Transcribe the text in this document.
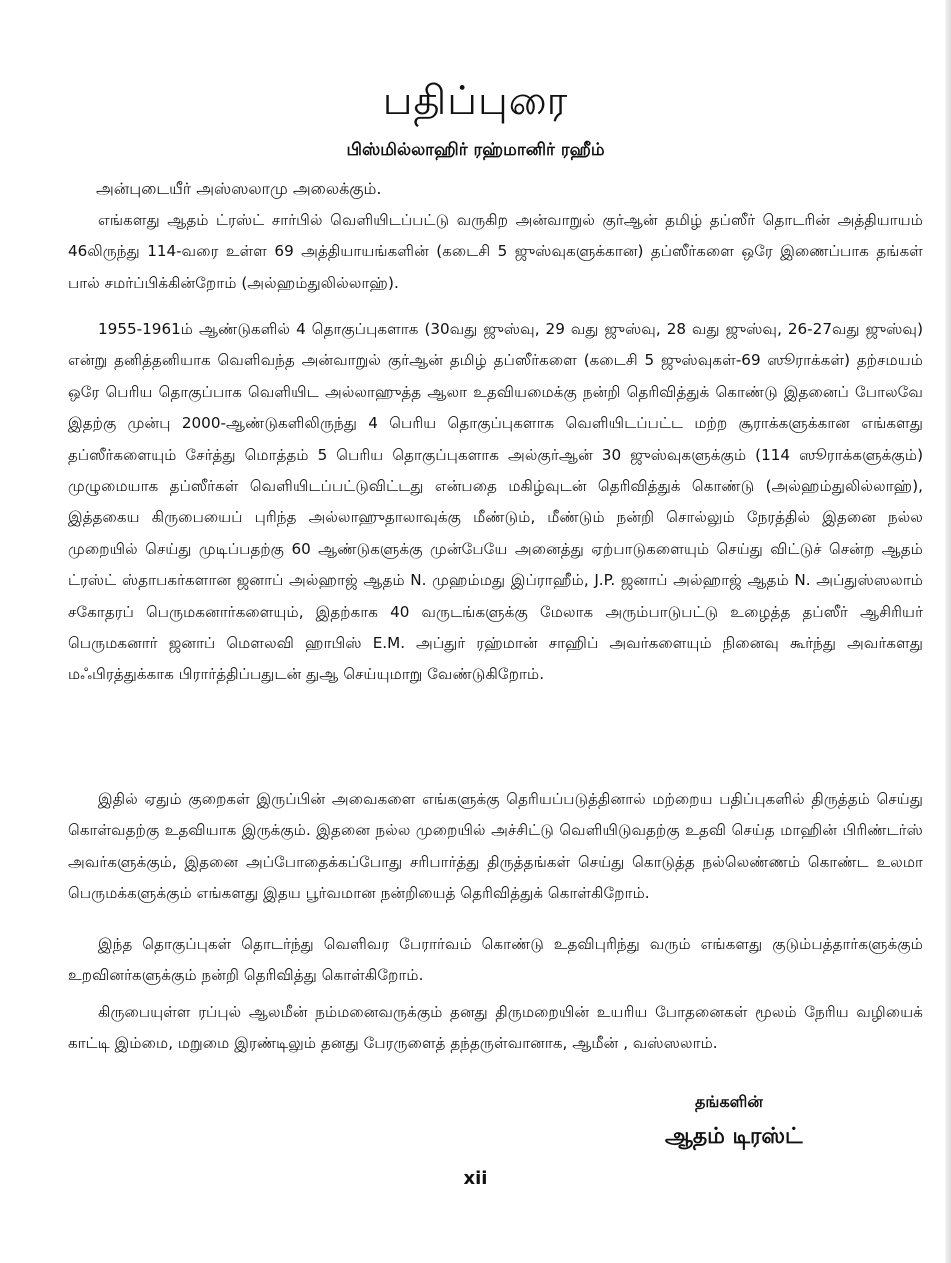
பதிப்புரை
பிஸ்மில்லாஹிர் ரஹ்மானிர் ரஹீம்
அன்புடையீர் அஸ்ஸலாமு அலைக்கும்.

எங்களது ஆதம் ட்ரஸ்ட் சார்பில் வெளியிடப்பட்டு வருகிற அன்வாறுல் குர்ஆன் தமிழ் தப்ஸீர் தொடரின் அத்தியாயம் 46லிருந்து 114-வரை உள்ள 69 அத்தியாயங்களின் (கடைசி 5 ஜுஸ்வுகளுக்கான) தப்ஸீர்களை ஒரே இணைப்பாக தங்கள் பால் சமர்ப்பிக்கின்றோம் (அல்ஹம்துலில்லாஹ்).

1955-1961ம் ஆண்டுகளில் 4 தொகுப்புகளாக (30வது ஜுஸ்வு, 29 வது ஜுஸ்வு, 28 வது ஜுஸ்வு, 26-27வது ஜுஸ்வு) என்று தனித்தனியாக வெளிவந்த அன்வாறுல் குர்ஆன் தமிழ் தப்ஸீர்களை (கடைசி 5 ஜுஸ்வுகள்-69 ஸூராக்கள்) தற்சமயம் ஒரே பெரிய தொகுப்பாக வெளியிட அல்லாஹுத்த ஆலா உதவியமைக்கு நன்றி தெரிவித்துக் கொண்டு இதனைப் போலவே இதற்கு முன்பு 2000-ஆண்டுகளிலிருந்து 4 பெரிய தொகுப்புகளாக வெளியிடப்பட்ட மற்ற சூராக்களுக்கான எங்களது தப்ஸீர்களையும் சேர்த்து மொத்தம் 5 பெரிய தொகுப்புகளாக அல்குர்ஆன் 30 ஜுஸ்வுகளுக்கும் (114 ஸூராக்களுக்கும்) முழுமையாக தப்ஸீர்கள் வெளியிடப்பட்டுவிட்டது என்பதை மகிழ்வுடன் தெரிவித்துக் கொண்டு (அல்ஹம்துலில்லாஹ்), இத்தகைய கிருபையைப் புரிந்த அல்லாஹுதாலாவுக்கு மீண்டும், மீண்டும் நன்றி சொல்லும் நேரத்தில் இதனை நல்ல முறையில் செய்து முடிப்பதற்கு 60 ஆண்டுகளுக்கு முன்பேயே அனைத்து ஏற்பாடுகளையும் செய்து விட்டுச் சென்ற ஆதம் ட்ரஸ்ட் ஸ்தாபகர்களான ஜனாப் அல்ஹாஜ் ஆதம் N. முஹம்மது இப்ராஹீம், J.P. ஜனாப் அல்ஹாஜ் ஆதம் N. அப்துஸ்ஸலாம் சகோதரப் பெருமகனார்களையும், இதற்காக 40 வருடங்களுக்கு மேலாக அரும்பாடுபட்டு உழைத்த தப்ஸீர் ஆசிரியர் பெருமகனார் ஜனாப் மௌலவி ஹாபிஸ் E.M. அப்துர் ரஹ்மான் சாஹிப் அவர்களையும் நினைவு கூர்ந்து அவர்களது மஃபிரத்துக்காக பிரார்த்திப்பதுடன் துஆ செய்யுமாறு வேண்டுகிறோம்.

இதில் ஏதும் குறைகள் இருப்பின் அவைகளை எங்களுக்கு தெரியப்படுத்தினால் மற்றைய பதிப்புகளில் திருத்தம் செய்து கொள்வதற்கு உதவியாக இருக்கும். இதனை நல்ல முறையில் அச்சிட்டு வெளியிடுவதற்கு உதவி செய்த மாஹின் பிரிண்டர்ஸ் அவர்களுக்கும், இதனை அப்போதைக்கப்போது சரிபார்த்து திருத்தங்கள் செய்து கொடுத்த நல்லெண்ணம் கொண்ட உலமா பெருமக்களுக்கும் எங்களது இதய பூர்வமான நன்றியைத் தெரிவித்துக் கொள்கிறோம்.

இந்த தொகுப்புகள் தொடர்ந்து வெளிவர பேரார்வம் கொண்டு உதவிபுரிந்து வரும் எங்களது குடும்பத்தார்களுக்கும் உறவினர்களுக்கும் நன்றி தெரிவித்து கொள்கிறோம்.

கிருபையுள்ள ரப்புல் ஆலமீன் நம்மனைவருக்கும் தனது திருமறையின் உயரிய போதனைகள் மூலம் நேரிய வழியைக் காட்டி இம்மை, மறுமை இரண்டிலும் தனது பேரருளைத் தந்தருள்வானாக, ஆமீன் , வஸ்ஸலாம்.

தங்களின்
ஆதம் டிரஸ்ட்
xii
